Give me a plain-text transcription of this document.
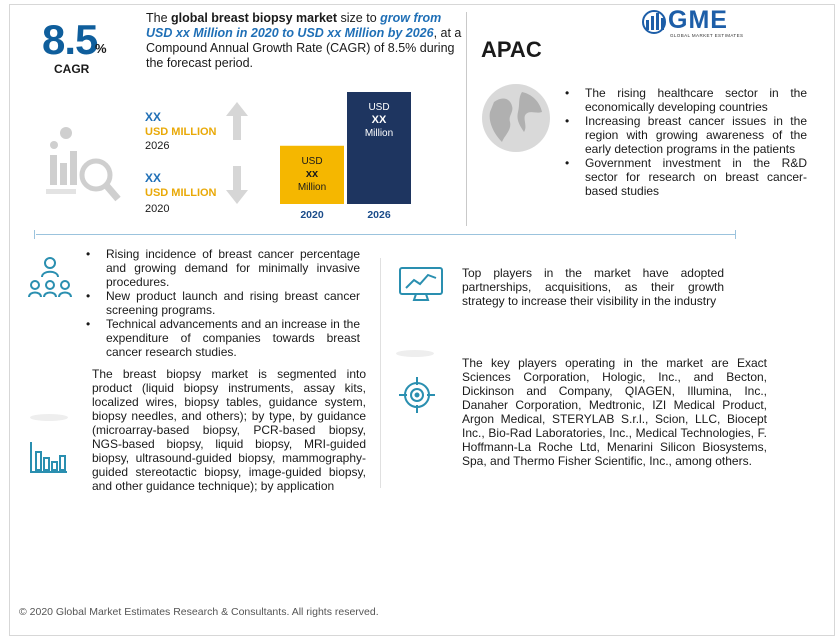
8.5
%
CAGR
The global breast biopsy market size to grow from USD xx Million in 2020 to USD xx Million by 2026, at a Compound Annual Growth Rate (CAGR) of 8.5% during the forecast period.
GME
GLOBAL MARKET ESTIMATES
XX
USD MILLION
2026
XX
USD MILLION
2020
USD
xx
Million
2020
USD
XX
Million
2026
APAC
• The rising healthcare sector in the economically developing countries
• Increasing breast cancer issues in the region with growing awareness of the early detection programs in the patients
• Government investment in the R&D sector for research on breast cancer-based studies
• Rising incidence of breast cancer percentage and growing demand for minimally invasive procedures.
• New product launch and rising breast cancer screening programs.
• Technical advancements and an increase in the expenditure of companies towards breast cancer research studies.
The breast biopsy market is segmented into product (liquid biopsy instruments, assay kits, localized wires, biopsy tables, guidance system, biopsy needles, and others); by type, by guidance (microarray-based biopsy, PCR-based biopsy, NGS-based biopsy, liquid biopsy, MRI-guided biopsy, ultrasound-guided biopsy, mammography-guided stereotactic biopsy, image-guided biopsy, and other guidance technique); by application
Top players in the market have adopted partnerships, acquisitions, as their growth strategy to increase their visibility in the industry
The key players operating in the market are Exact Sciences Corporation, Hologic, Inc., and Becton, Dickinson and Company, QIAGEN, Illumina, Inc., Danaher Corporation, Medtronic, IZI Medical Product, Argon Medical, STERYLAB S.r.l., Scion, LLC, Biocept Inc., Bio-Rad Laboratories, Inc., Medical Technologies, F. Hoffmann-La Roche Ltd, Menarini Silicon Biosystems, Spa, and Thermo Fisher Scientific, Inc., among others.
© 2020 Global Market Estimates Research & Consultants. All rights reserved.
